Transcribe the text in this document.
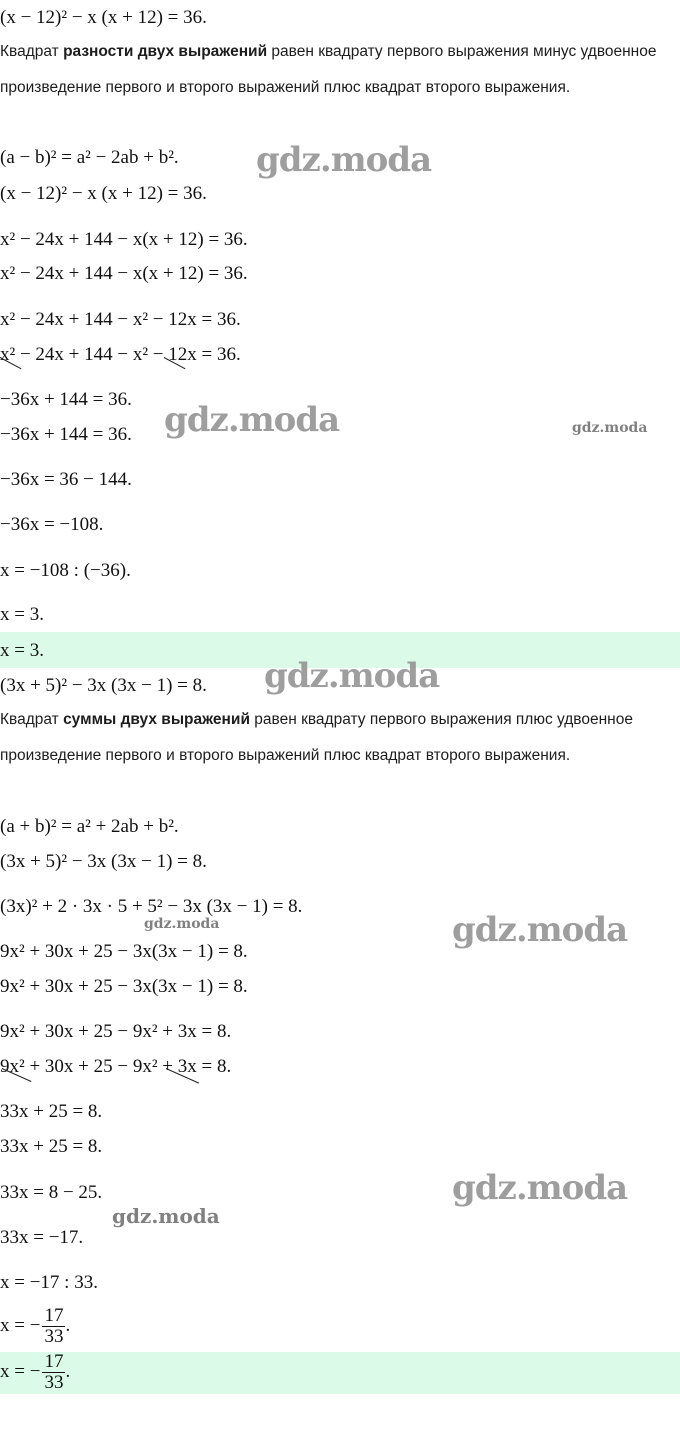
(x − 12)² − x (x + 12) = 36.
Квадрат разности двух выражений равен квадрату первого выражения минус удвоенное произведение первого и второго выражений плюс квадрат второго выражения.
(a − b)² = a² − 2ab + b².
(x − 12)² − x (x + 12) = 36.
x² − 24x + 144 − x(x + 12) = 36.
x² − 24x + 144 − x(x + 12) = 36.
x² − 24x + 144 − x² − 12x = 36.
x² − 24x + 144 − x² − 12x = 36.
−36x + 144 = 36.
−36x + 144 = 36.
−36x = 36 − 144.
−36x = −108.
x = −108 : (−36).
x = 3.
x = 3.
(3x + 5)² − 3x (3x − 1) = 8.
Квадрат суммы двух выражений равен квадрату первого выражения плюс удвоенное произведение первого и второго выражений плюс квадрат второго выражения.
(a + b)² = a² + 2ab + b².
(3x + 5)² − 3x (3x − 1) = 8.
(3x)² + 2 · 3x · 5 + 5² − 3x (3x − 1) = 8.
9x² + 30x + 25 − 3x(3x − 1) = 8.
9x² + 30x + 25 − 3x(3x − 1) = 8.
9x² + 30x + 25 − 9x² + 3x = 8.
9x² + 30x + 25 − 9x² + 3x = 8.
33x + 25 = 8.
33x + 25 = 8.
33x = 8 − 25.
33x = −17.
x = −17 : 33.
x = − $\frac{17}{33}$ .
x = − $\frac{17}{33}$ .
gdz.moda
gdz.moda	gdz.moda
gdz.moda
gdz.moda	gdz.moda
gdz.moda
gdz.moda
